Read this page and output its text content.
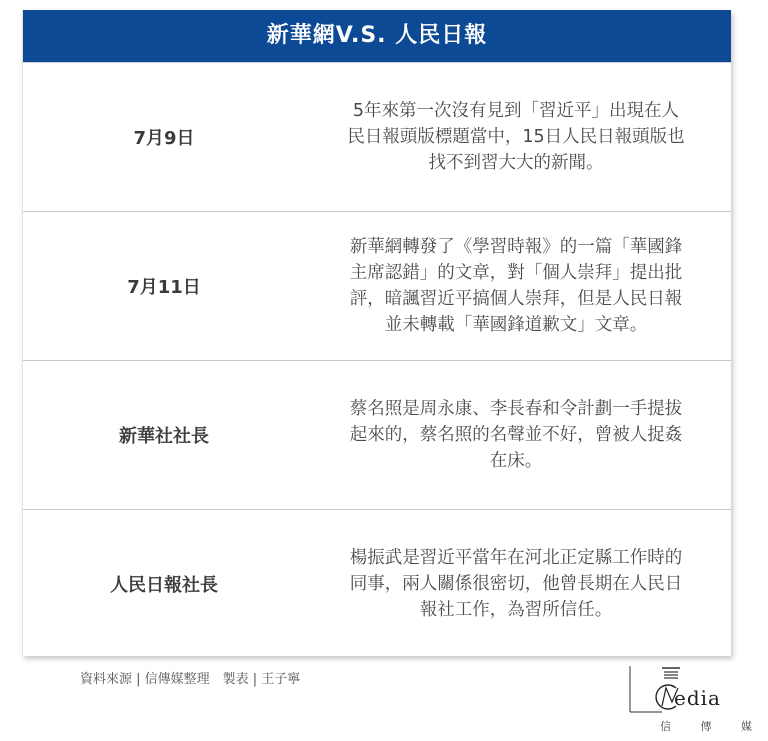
新華網V.S. 人民日報
7月9日
5年來第一次沒有見到「習近平」出現在人
民日報頭版標題當中，15日人民日報頭版也
找不到習大大的新聞。
7月11日
新華網轉發了《學習時報》的一篇「華國鋒
主席認錯」的文章，對「個人崇拜」提出批
評，暗諷習近平搞個人崇拜，但是人民日報
並未轉載「華國鋒道歉文」文章。
新華社社長
蔡名照是周永康、李長春和令計劃一手提拔
起來的，蔡名照的名聲並不好，曾被人捉姦
在床。
人民日報社長
楊振武是習近平當年在河北正定縣工作時的
同事，兩人關係很密切，他曾長期在人民日
報社工作，為習所信任。
資料來源 | 信傳媒整理　製表 | 王子寧
edia
信	傳	媒
